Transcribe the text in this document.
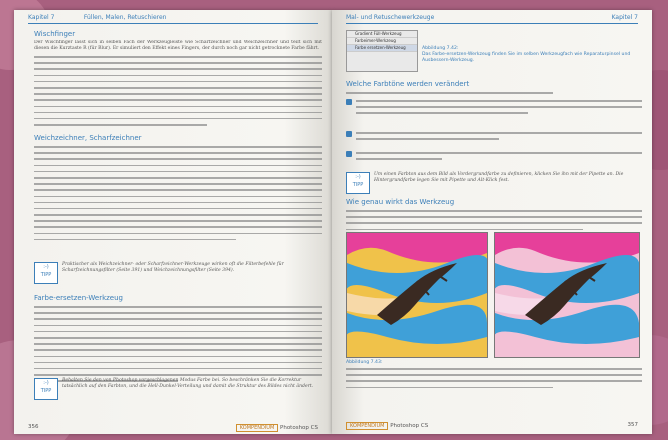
Kapitel 7	Füllen, Malen, Retuschieren
Wischfinger
Der Wischfinger lässt sich in selben Fach der Werkzeugleiste wie Scharfzeichner und Weichzeichner und teilt sich mit diesen die Kurztaste R (für Blur). Er simuliert den Effekt eines Fingers, der durch noch gar nicht getrocknete Farbe fährt.
Weichzeichner, Scharfzeichner
:-)
TIPP
Praktischer als Weichzeichner- oder Scharfzeichner-Werkzeuge wirken oft die Filterbefehle für Scharfzeichnungsfilter (Seite 391) und Weichzeichnungsfilter (Seite 394).
Farbe-ersetzen-Werkzeug
:-)
TIPP
Behalten Sie den von Photoshop vorgeschlagenen Modus Farbe bei. So beschränken Sie die Korrektur tatsächlich auf den Farbton, und die Hell-Dunkel-Verteilung und damit die Struktur des Bildes nicht ändert.
356	KOMPENDIUM Photoshop CS
Mal- und Retuschewerkzeuge	Kapitel 7
Gradient Füll-Werkzeug
Farbeimer-Werkzeug
Farbe ersetzen-Werkzeug	Abbildung 7.42:
Das Farbe-ersetzen-Werkzeug finden Sie im selben Werkzeugfach wie Reparaturpinsel und Ausbessern-Werkzeug.
Welche Farbtöne werden verändert
:-)
TIPP
Um einen Farbton aus dem Bild als Vordergrundfarbe zu definieren, klicken Sie ihn mit der Pipette an. Die Hintergrundfarbe legen Sie mit Pipette und Alt-Klick fest.
Wie genau wirkt das Werkzeug
Abbildung 7.43:
KOMPENDIUM Photoshop CS	357
